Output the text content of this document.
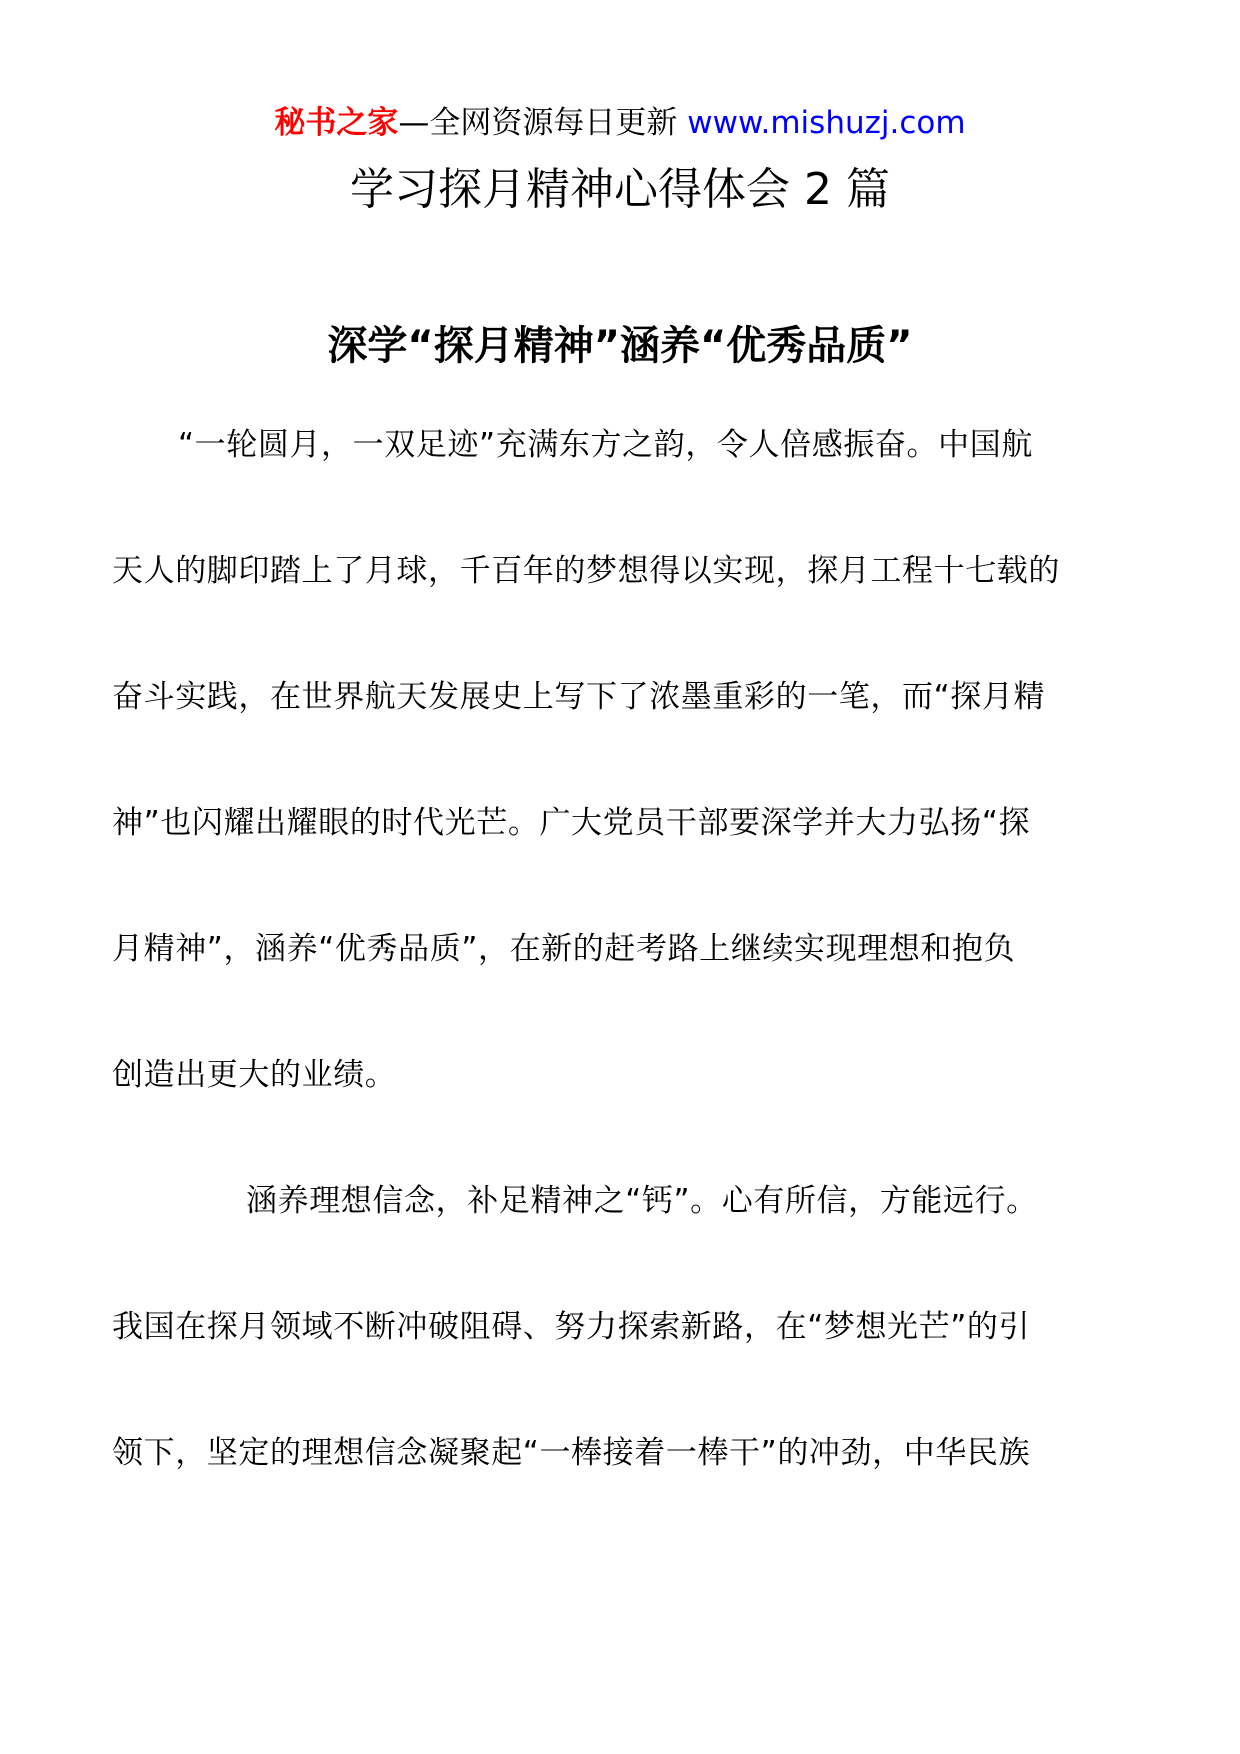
秘书之家—全网资源每日更新 www.mishuzj.com
学习探月精神心得体会 2 篇
深学“探月精神”涵养“优秀品质”

“一轮圆月，一双足迹”充满东方之韵，令人倍感振奋。中国航

天人的脚印踏上了月球，千百年的梦想得以实现，探月工程十七载的

奋斗实践，在世界航天发展史上写下了浓墨重彩的一笔，而“探月精

神”也闪耀出耀眼的时代光芒。广大党员干部要深学并大力弘扬“探

月精神”，涵养“优秀品质”，在新的赶考路上继续实现理想和抱负

创造出更大的业绩。

涵养理想信念，补足精神之“钙”。心有所信，方能远行。

我国在探月领域不断冲破阻碍、努力探索新路，在“梦想光芒”的引

领下，坚定的理想信念凝聚起“一棒接着一棒干”的冲劲，中华民族
